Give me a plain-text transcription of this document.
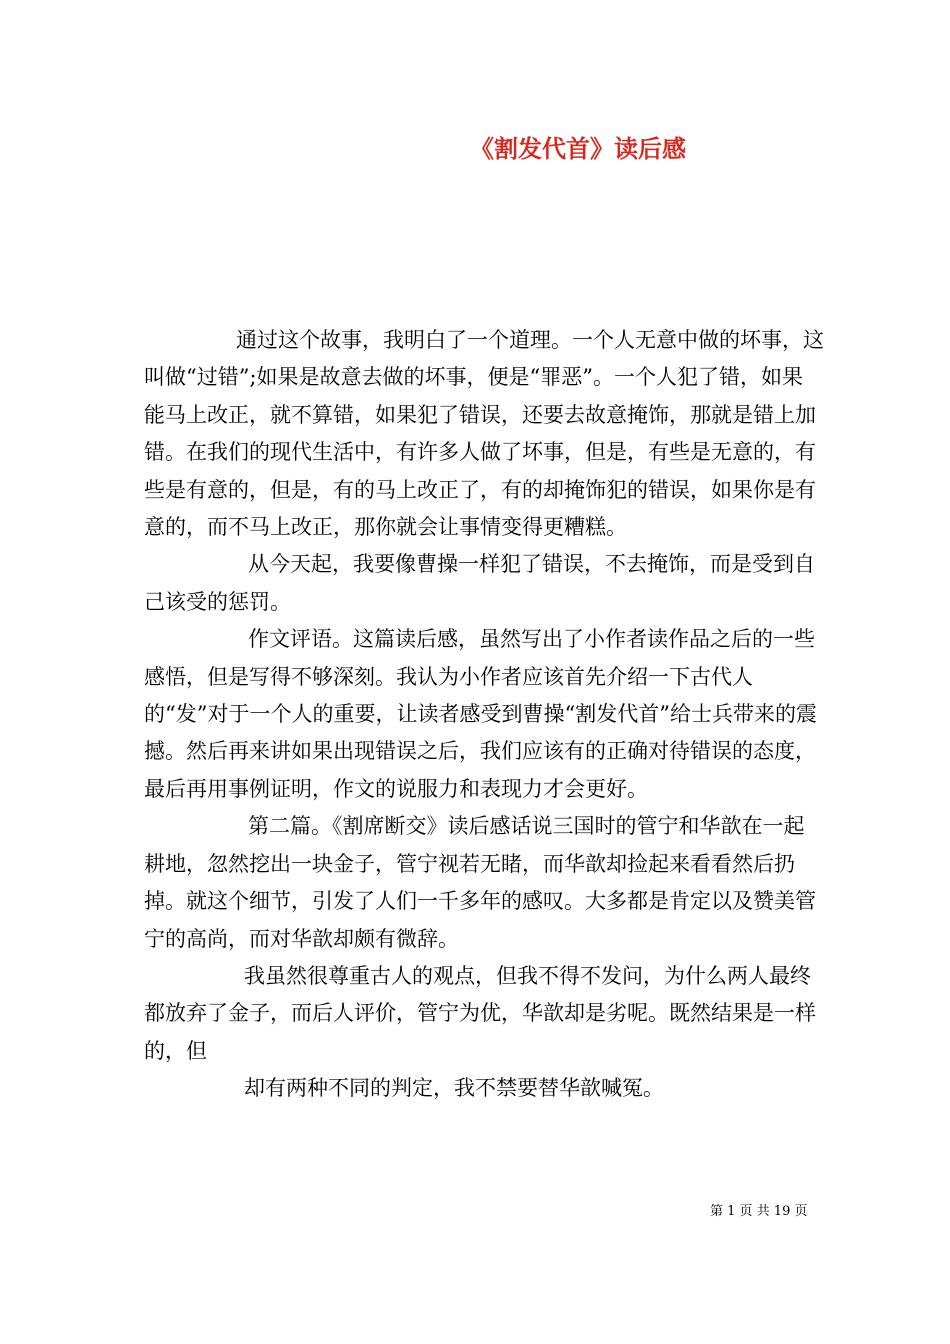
《割发代首》读后感

通过这个故事，我明白了一个道理。一个人无意中做的坏事，这叫做“过错”;如果是故意去做的坏事，便是“罪恶”。一个人犯了错，如果能马上改正，就不算错，如果犯了错误，还要去故意掩饰，那就是错上加错。在我们的现代生活中，有许多人做了坏事，但是，有些是无意的，有些是有意的，但是，有的马上改正了，有的却掩饰犯的错误，如果你是有意的，而不马上改正，那你就会让事情变得更糟糕。

从今天起，我要像曹操一样犯了错误，不去掩饰，而是受到自己该受的惩罚。

作文评语。这篇读后感，虽然写出了小作者读作品之后的一些感悟，但是写得不够深刻。我认为小作者应该首先介绍一下古代人的“发”对于一个人的重要，让读者感受到曹操“割发代首”给士兵带来的震撼。然后再来讲如果出现错误之后，我们应该有的正确对待错误的态度，最后再用事例证明，作文的说服力和表现力才会更好。

第二篇。《割席断交》读后感话说三国时的管宁和华歆在一起耕地，忽然挖出一块金子，管宁视若无睹，而华歆却捡起来看看然后扔掉。就这个细节，引发了人们一千多年的感叹。大多都是肯定以及赞美管宁的高尚，而对华歆却颇有微辞。

我虽然很尊重古人的观点，但我不得不发问，为什么两人最终都放弃了金子，而后人评价，管宁为优，华歆却是劣呢。既然结果是一样的，但

却有两种不同的判定，我不禁要替华歆喊冤。

第 1 页 共 19 页
